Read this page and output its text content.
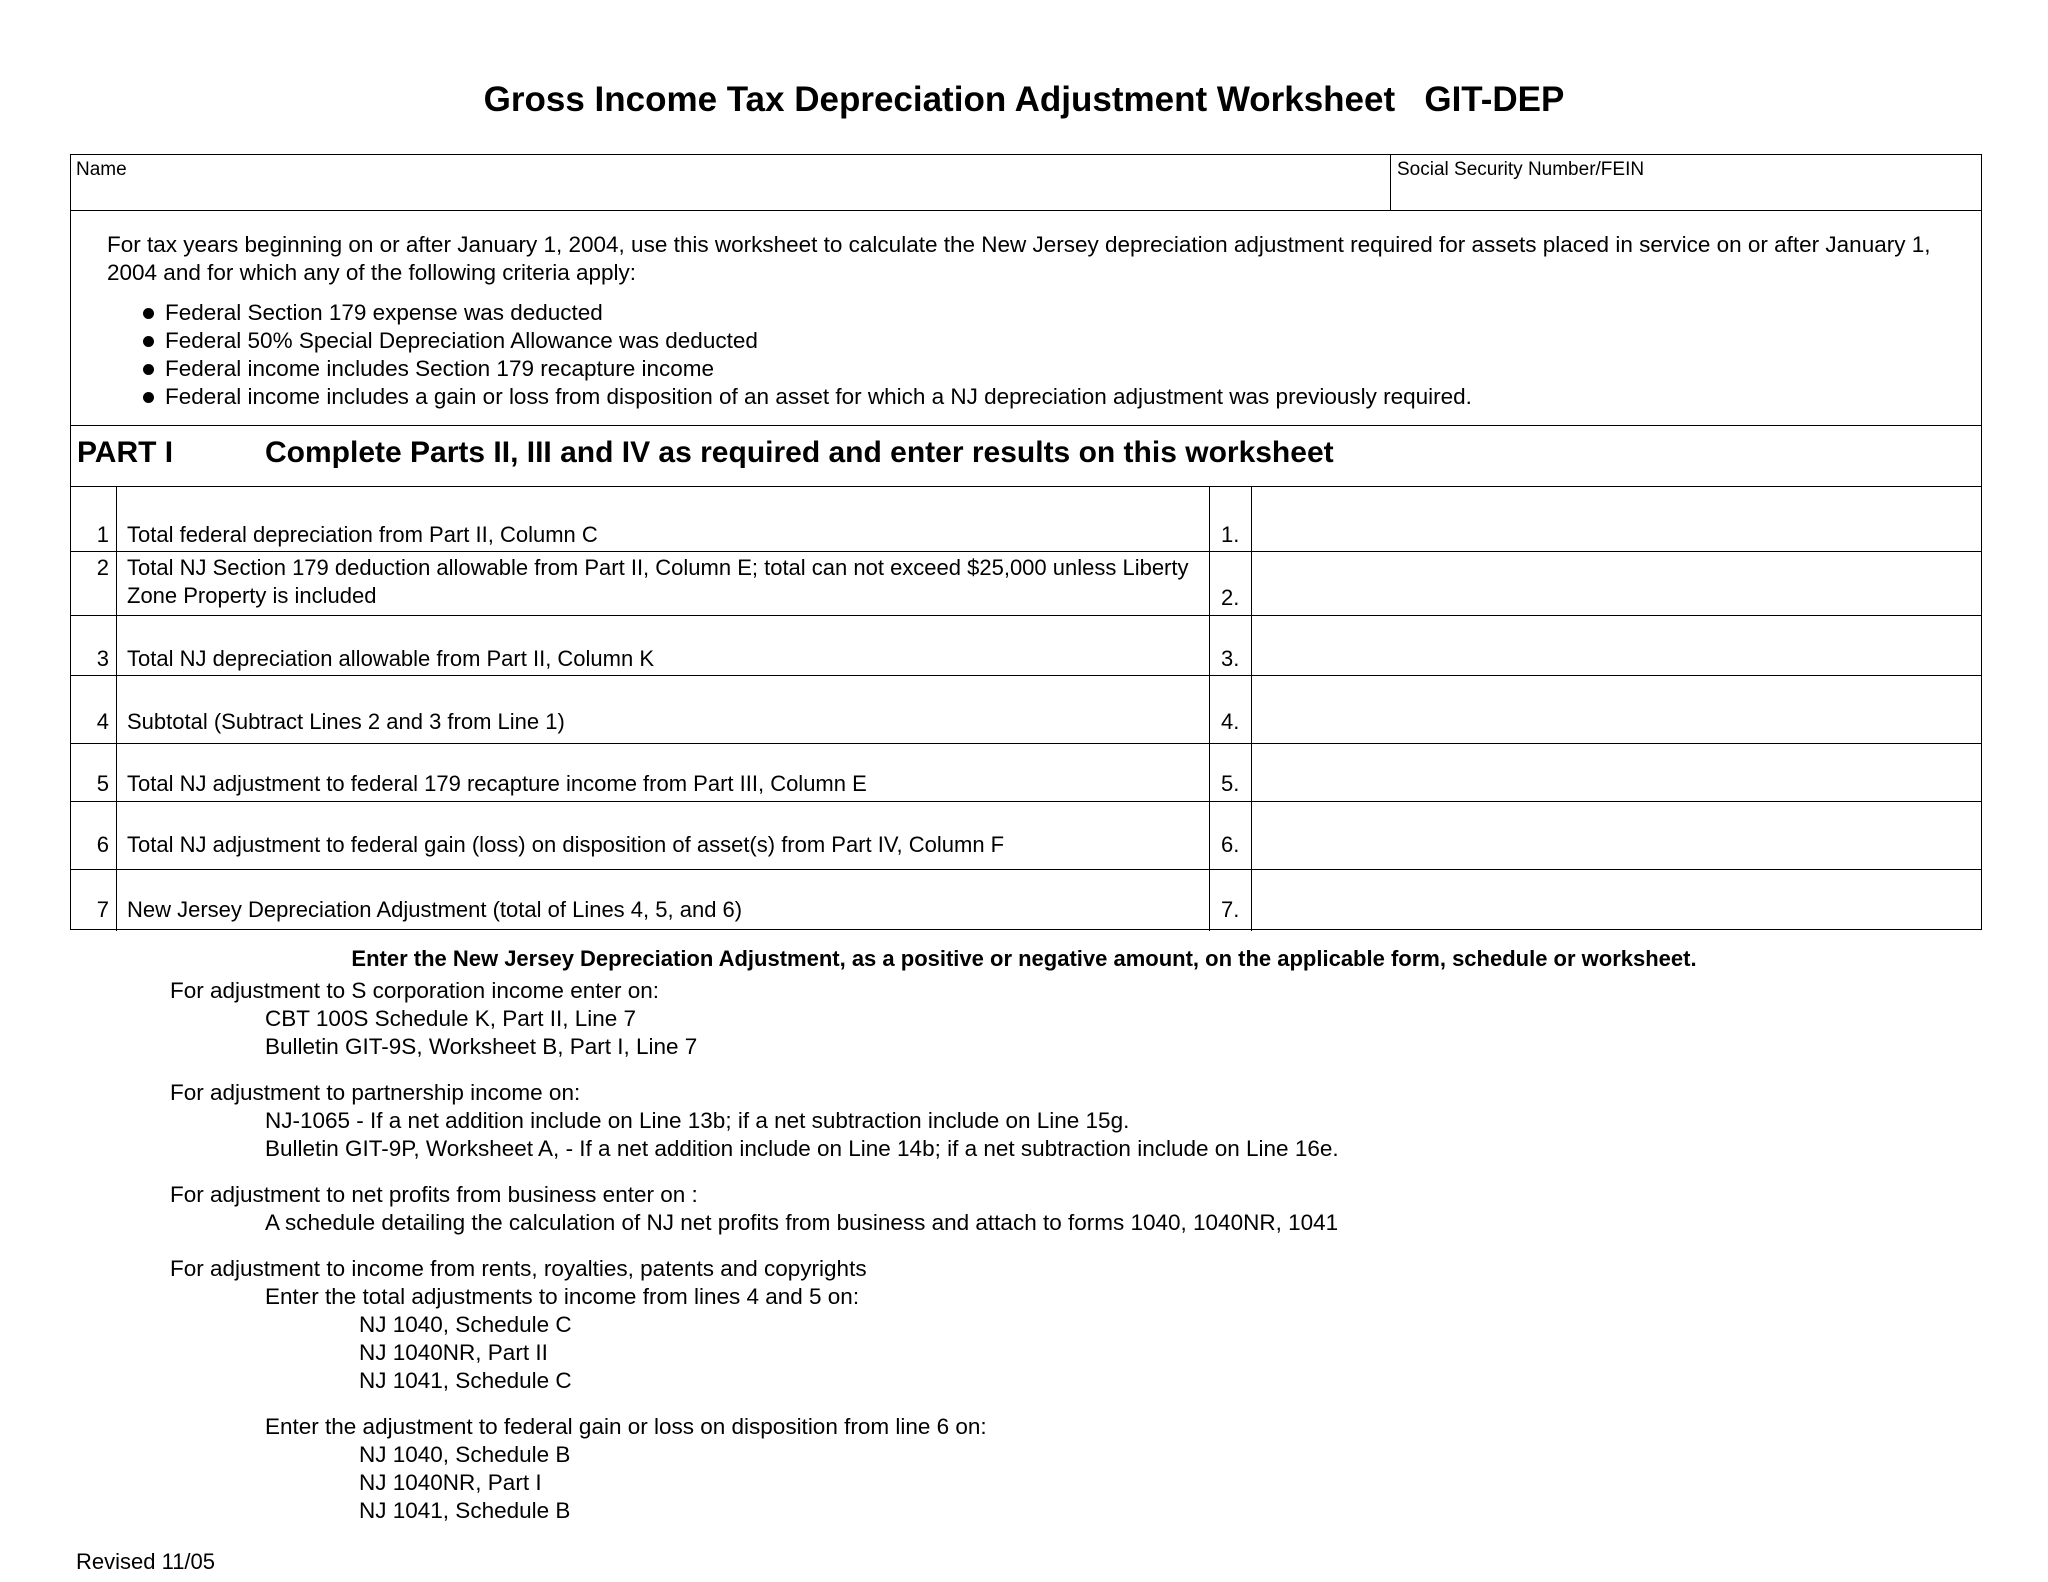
Gross Income Tax Depreciation Adjustment Worksheet GIT-DEP
Name	Social Security Number/FEIN
For tax years beginning on or after January 1, 2004, use this worksheet to calculate the New Jersey depreciation adjustment required for assets placed in service on or after January 1, 2004 and for which any of the following criteria apply:
Federal Section 179 expense was deducted
Federal 50% Special Depreciation Allowance was deducted
Federal income includes Section 179 recapture income
Federal income includes a gain or loss from disposition of an asset for which a NJ depreciation adjustment was previously required.
PART I	Complete Parts II, III and IV as required and enter results on this worksheet
1 Total federal depreciation from Part II, Column C	1.
2 Total NJ Section 179 deduction allowable from Part II, Column E; total can not exceed $25,000 unless Liberty Zone Property is included	2.
3 Total NJ depreciation allowable from Part II, Column K	3.
4 Subtotal (Subtract Lines 2 and 3 from Line 1)	4.
5 Total NJ adjustment to federal 179 recapture income from Part III, Column E	5.
6 Total NJ adjustment to federal gain (loss) on disposition of asset(s) from Part IV, Column F	6.
7 New Jersey Depreciation Adjustment (total of Lines 4, 5, and 6)	7.
Enter the New Jersey Depreciation Adjustment, as a positive or negative amount, on the applicable form, schedule or worksheet.
For adjustment to S corporation income enter on:
CBT 100S Schedule K, Part II, Line 7
Bulletin GIT-9S, Worksheet B, Part I, Line 7
For adjustment to partnership income on:
NJ-1065 - If a net addition include on Line 13b; if a net subtraction include on Line 15g.
Bulletin GIT-9P, Worksheet A, - If a net addition include on Line 14b; if a net subtraction include on Line 16e.
For adjustment to net profits from business enter on :
A schedule detailing the calculation of NJ net profits from business and attach to forms 1040, 1040NR, 1041
For adjustment to income from rents, royalties, patents and copyrights
Enter the total adjustments to income from lines 4 and 5 on:
NJ 1040, Schedule C
NJ 1040NR, Part II
NJ 1041, Schedule C
Enter the adjustment to federal gain or loss on disposition from line 6 on:
NJ 1040, Schedule B
NJ 1040NR, Part I
NJ 1041, Schedule B
Revised 11/05
